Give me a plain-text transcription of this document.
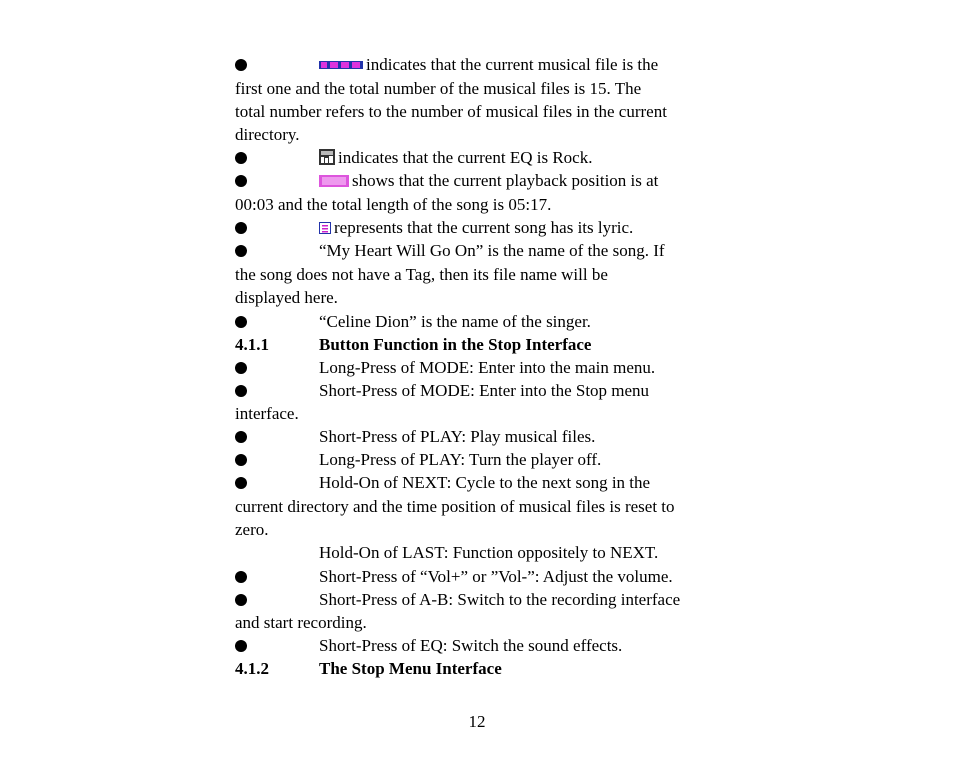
indicates that the current musical file is the
first one and the total number of the musical files is 15. The
total number refers to the number of musical files in the current
directory.
indicates that the current EQ is Rock.
shows that the current playback position is at
00:03 and the total length of the song is 05:17.
represents that the current song has its lyric.
“My Heart Will Go On” is the name of the song. If
the song does not have a Tag, then its file name will be
displayed here.
“Celine Dion” is the name of the singer.
4.1.1	Button Function in the Stop Interface
Long-Press of MODE: Enter into the main menu.
Short-Press of MODE: Enter into the Stop menu
interface.
Short-Press of PLAY: Play musical files.
Long-Press of PLAY: Turn the player off.
Hold-On of NEXT: Cycle to the next song in the
current directory and the time position of musical files is reset to
zero.
Hold-On of LAST: Function oppositely to NEXT.
Short-Press of “Vol+” or ”Vol-”: Adjust the volume.
Short-Press of A-B: Switch to the recording interface
and start recording.
Short-Press of EQ: Switch the sound effects.
4.1.2	The Stop Menu Interface
12
